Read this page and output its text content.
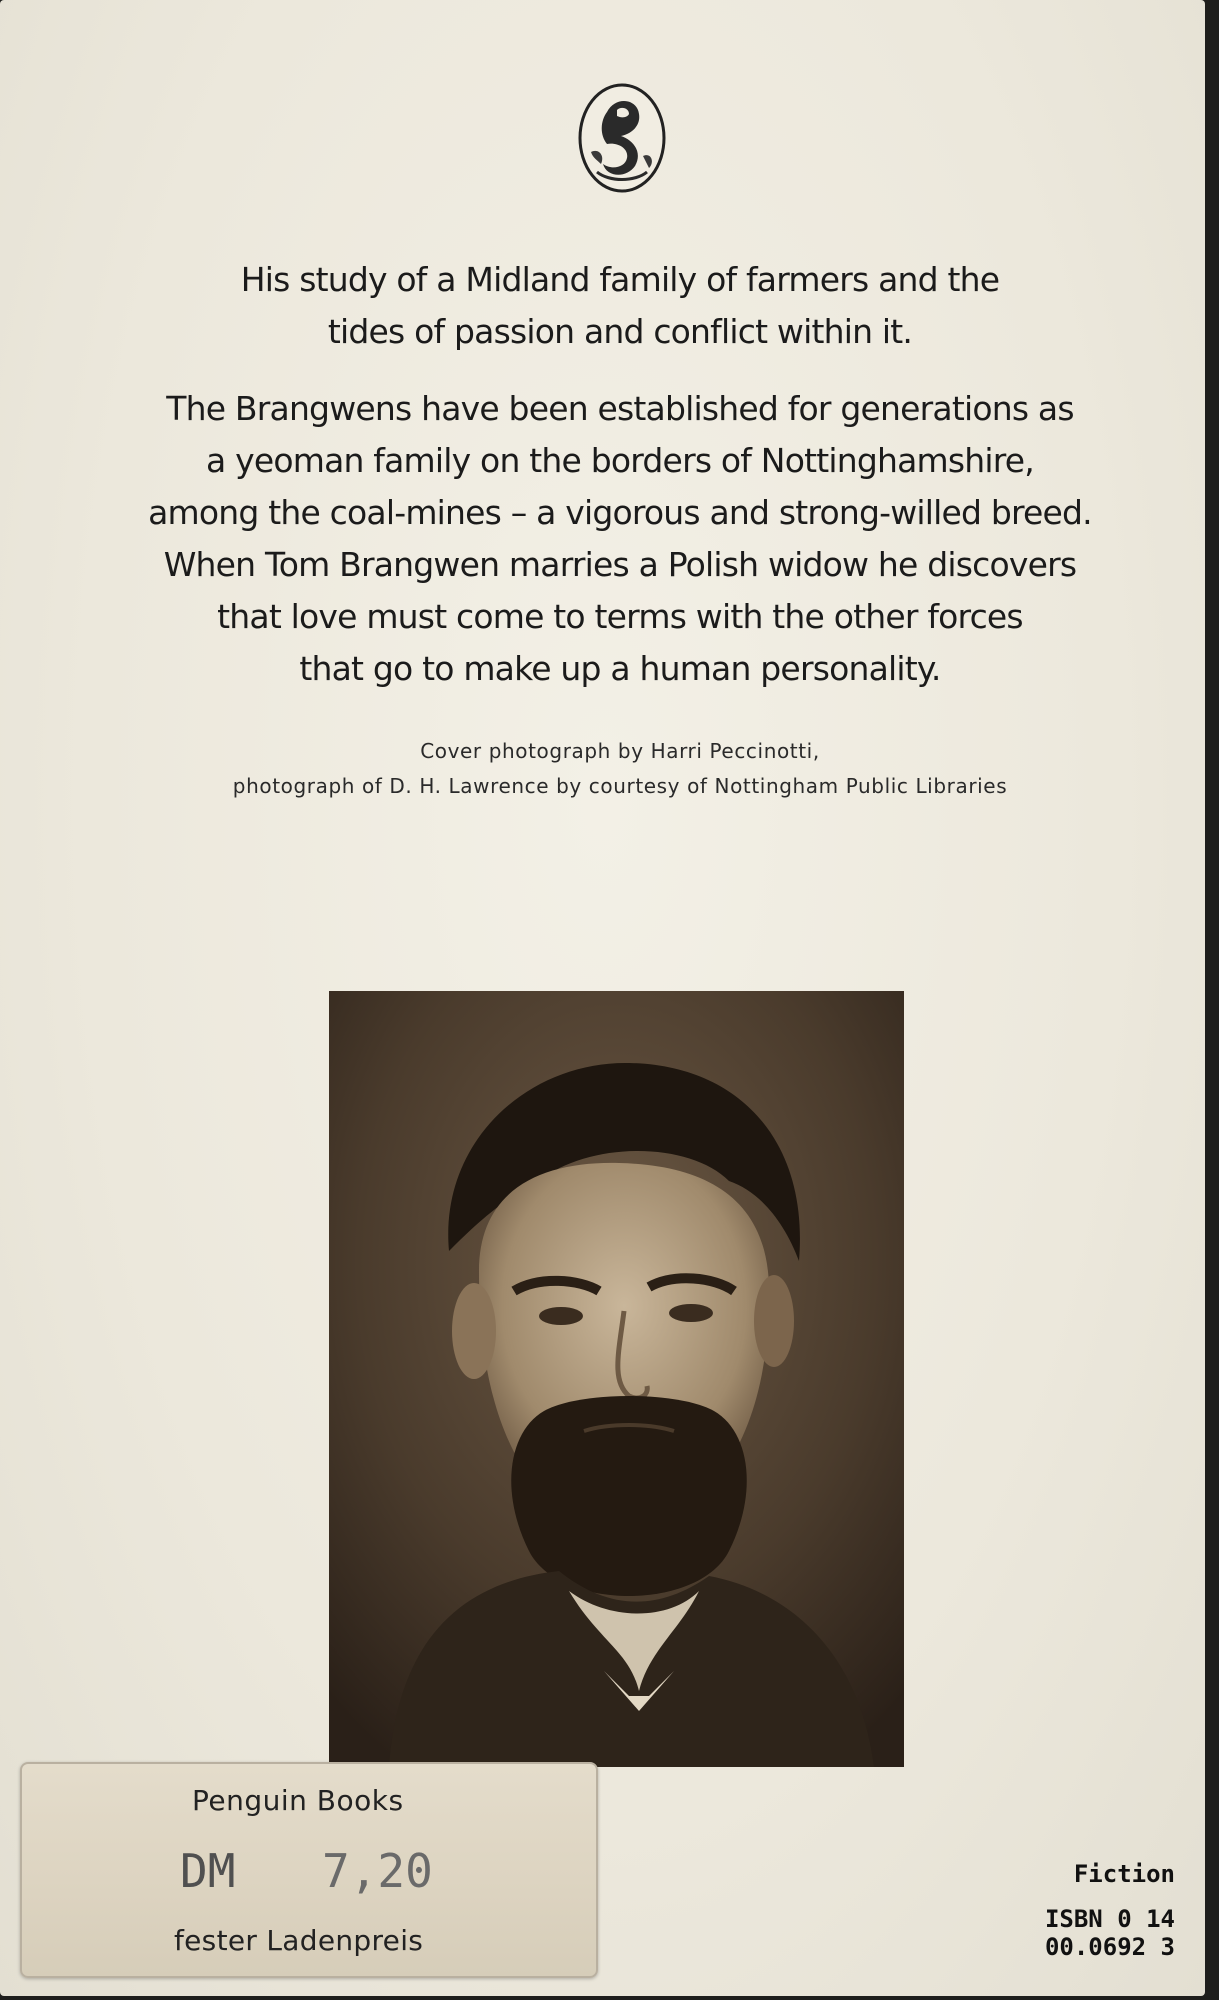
His study of a Midland family of farmers and the

tides of passion and conflict within it.

The Brangwens have been established for generations as

a yeoman family on the borders of Nottinghamshire,

among the coal-mines – a vigorous and strong-willed breed.

When Tom Brangwen marries a Polish widow he discovers

that love must come to terms with the other forces

that go to make up a human personality.

Cover photograph by Harri Peccinotti,

photograph of D. H. Lawrence by courtesy of Nottingham Public Libraries

Penguin Books
DM 7,20
fester Ladenpreis
Fiction
ISBN 0 14
00.0692 3
